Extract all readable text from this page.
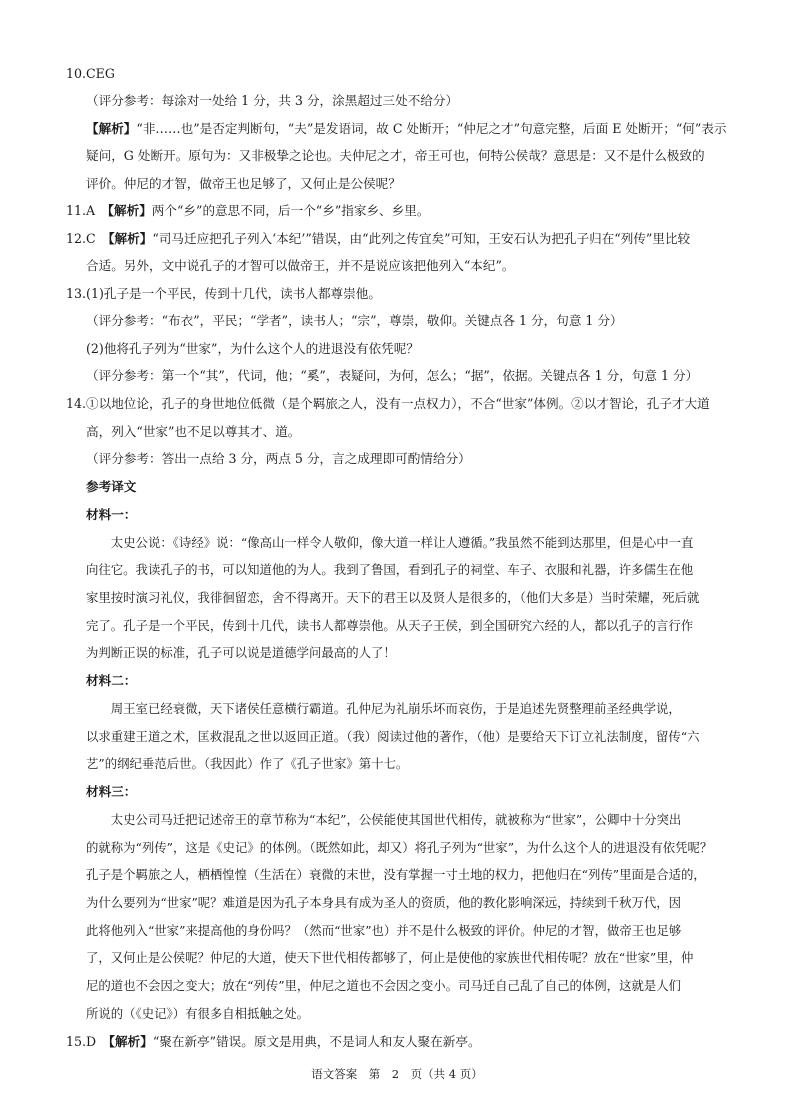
10.CEG
（评分参考：每涂对一处给 1 分，共 3 分，涂黑超过三处不给分）
【解析】“非……也”是否定判断句，“夫”是发语词，故 C 处断开；“仲尼之才”句意完整，后面 E 处断开；“何”表示
疑问，G 处断开。原句为：又非极挚之论也。夫仲尼之才，帝王可也，何特公侯哉？意思是：又不是什么极致的
评价。仲尼的才智，做帝王也足够了，又何止是公侯呢？
11.A　【解析】两个“乡”的意思不同，后一个“乡”指家乡、乡里。
12.C　【解析】“司马迁应把孔子列入‘本纪’”错误，由“此列之传宜矣”可知，王安石认为把孔子归在“列传”里比较
合适。另外，文中说孔子的才智可以做帝王，并不是说应该把他列入“本纪”。
13.(1)孔子是一个平民，传到十几代，读书人都尊崇他。
（评分参考：“布衣”，平民；“学者”，读书人；“宗”，尊崇，敬仰。关键点各 1 分，句意 1 分）
(2)他将孔子列为“世家”，为什么这个人的进退没有依凭呢？
（评分参考：第一个“其”，代词，他；“奚”，表疑问，为何，怎么；“据”，依据。关键点各 1 分，句意 1 分）
14.①以地位论，孔子的身世地位低微（是个羁旅之人，没有一点权力），不合“世家”体例。②以才智论，孔子才大道
高，列入“世家”也不足以尊其才、道。
（评分参考：答出一点给 3 分，两点 5 分，言之成理即可酌情给分）
参考译文
材料一：
　　太史公说：《诗经》说：“像高山一样令人敬仰，像大道一样让人遵循。”我虽然不能到达那里，但是心中一直
向往它。我读孔子的书，可以知道他的为人。我到了鲁国，看到孔子的祠堂、车子、衣服和礼器，许多儒生在他
家里按时演习礼仪，我徘徊留恋，舍不得离开。天下的君王以及贤人是很多的，（他们大多是）当时荣耀，死后就
完了。孔子是一个平民，传到十几代，读书人都尊崇他。从天子王侯，到全国研究六经的人，都以孔子的言行作
为判断正误的标准，孔子可以说是道德学问最高的人了！
材料二：
　　周王室已经衰微，天下诸侯任意横行霸道。孔仲尼为礼崩乐坏而哀伤，于是追述先贤整理前圣经典学说，
以求重建王道之术，匡救混乱之世以返回正道。（我）阅读过他的著作，（他）是要给天下订立礼法制度，留传“六
艺”的纲纪垂范后世。（我因此）作了《孔子世家》第十七。
材料三：
　　太史公司马迁把记述帝王的章节称为“本纪”，公侯能使其国世代相传，就被称为“世家”，公卿中十分突出
的就称为“列传”，这是《史记》的体例。（既然如此，却又）将孔子列为“世家”，为什么这个人的进退没有依凭呢？
孔子是个羁旅之人，栖栖惶惶（生活在）衰微的末世，没有掌握一寸土地的权力，把他归在“列传”里面是合适的，
为什么要列为“世家”呢？难道是因为孔子本身具有成为圣人的资质，他的教化影响深远，持续到千秋万代，因
此将他列入“世家”来提高他的身份吗？（然而“世家”也）并不是什么极致的评价。仲尼的才智，做帝王也足够
了，又何止是公侯呢？仲尼的大道，使天下世代相传都够了，何止是使他的家族世代相传呢？放在“世家”里，仲
尼的道也不会因之变大；放在“列传”里，仲尼之道也不会因之变小。司马迁自己乱了自己的体例，这就是人们
所说的（《史记》）有很多自相抵触之处。
15.D　【解析】“聚在新亭”错误。原文是用典，不是词人和友人聚在新亭。
语文答案　第　2　页（共 4 页）
